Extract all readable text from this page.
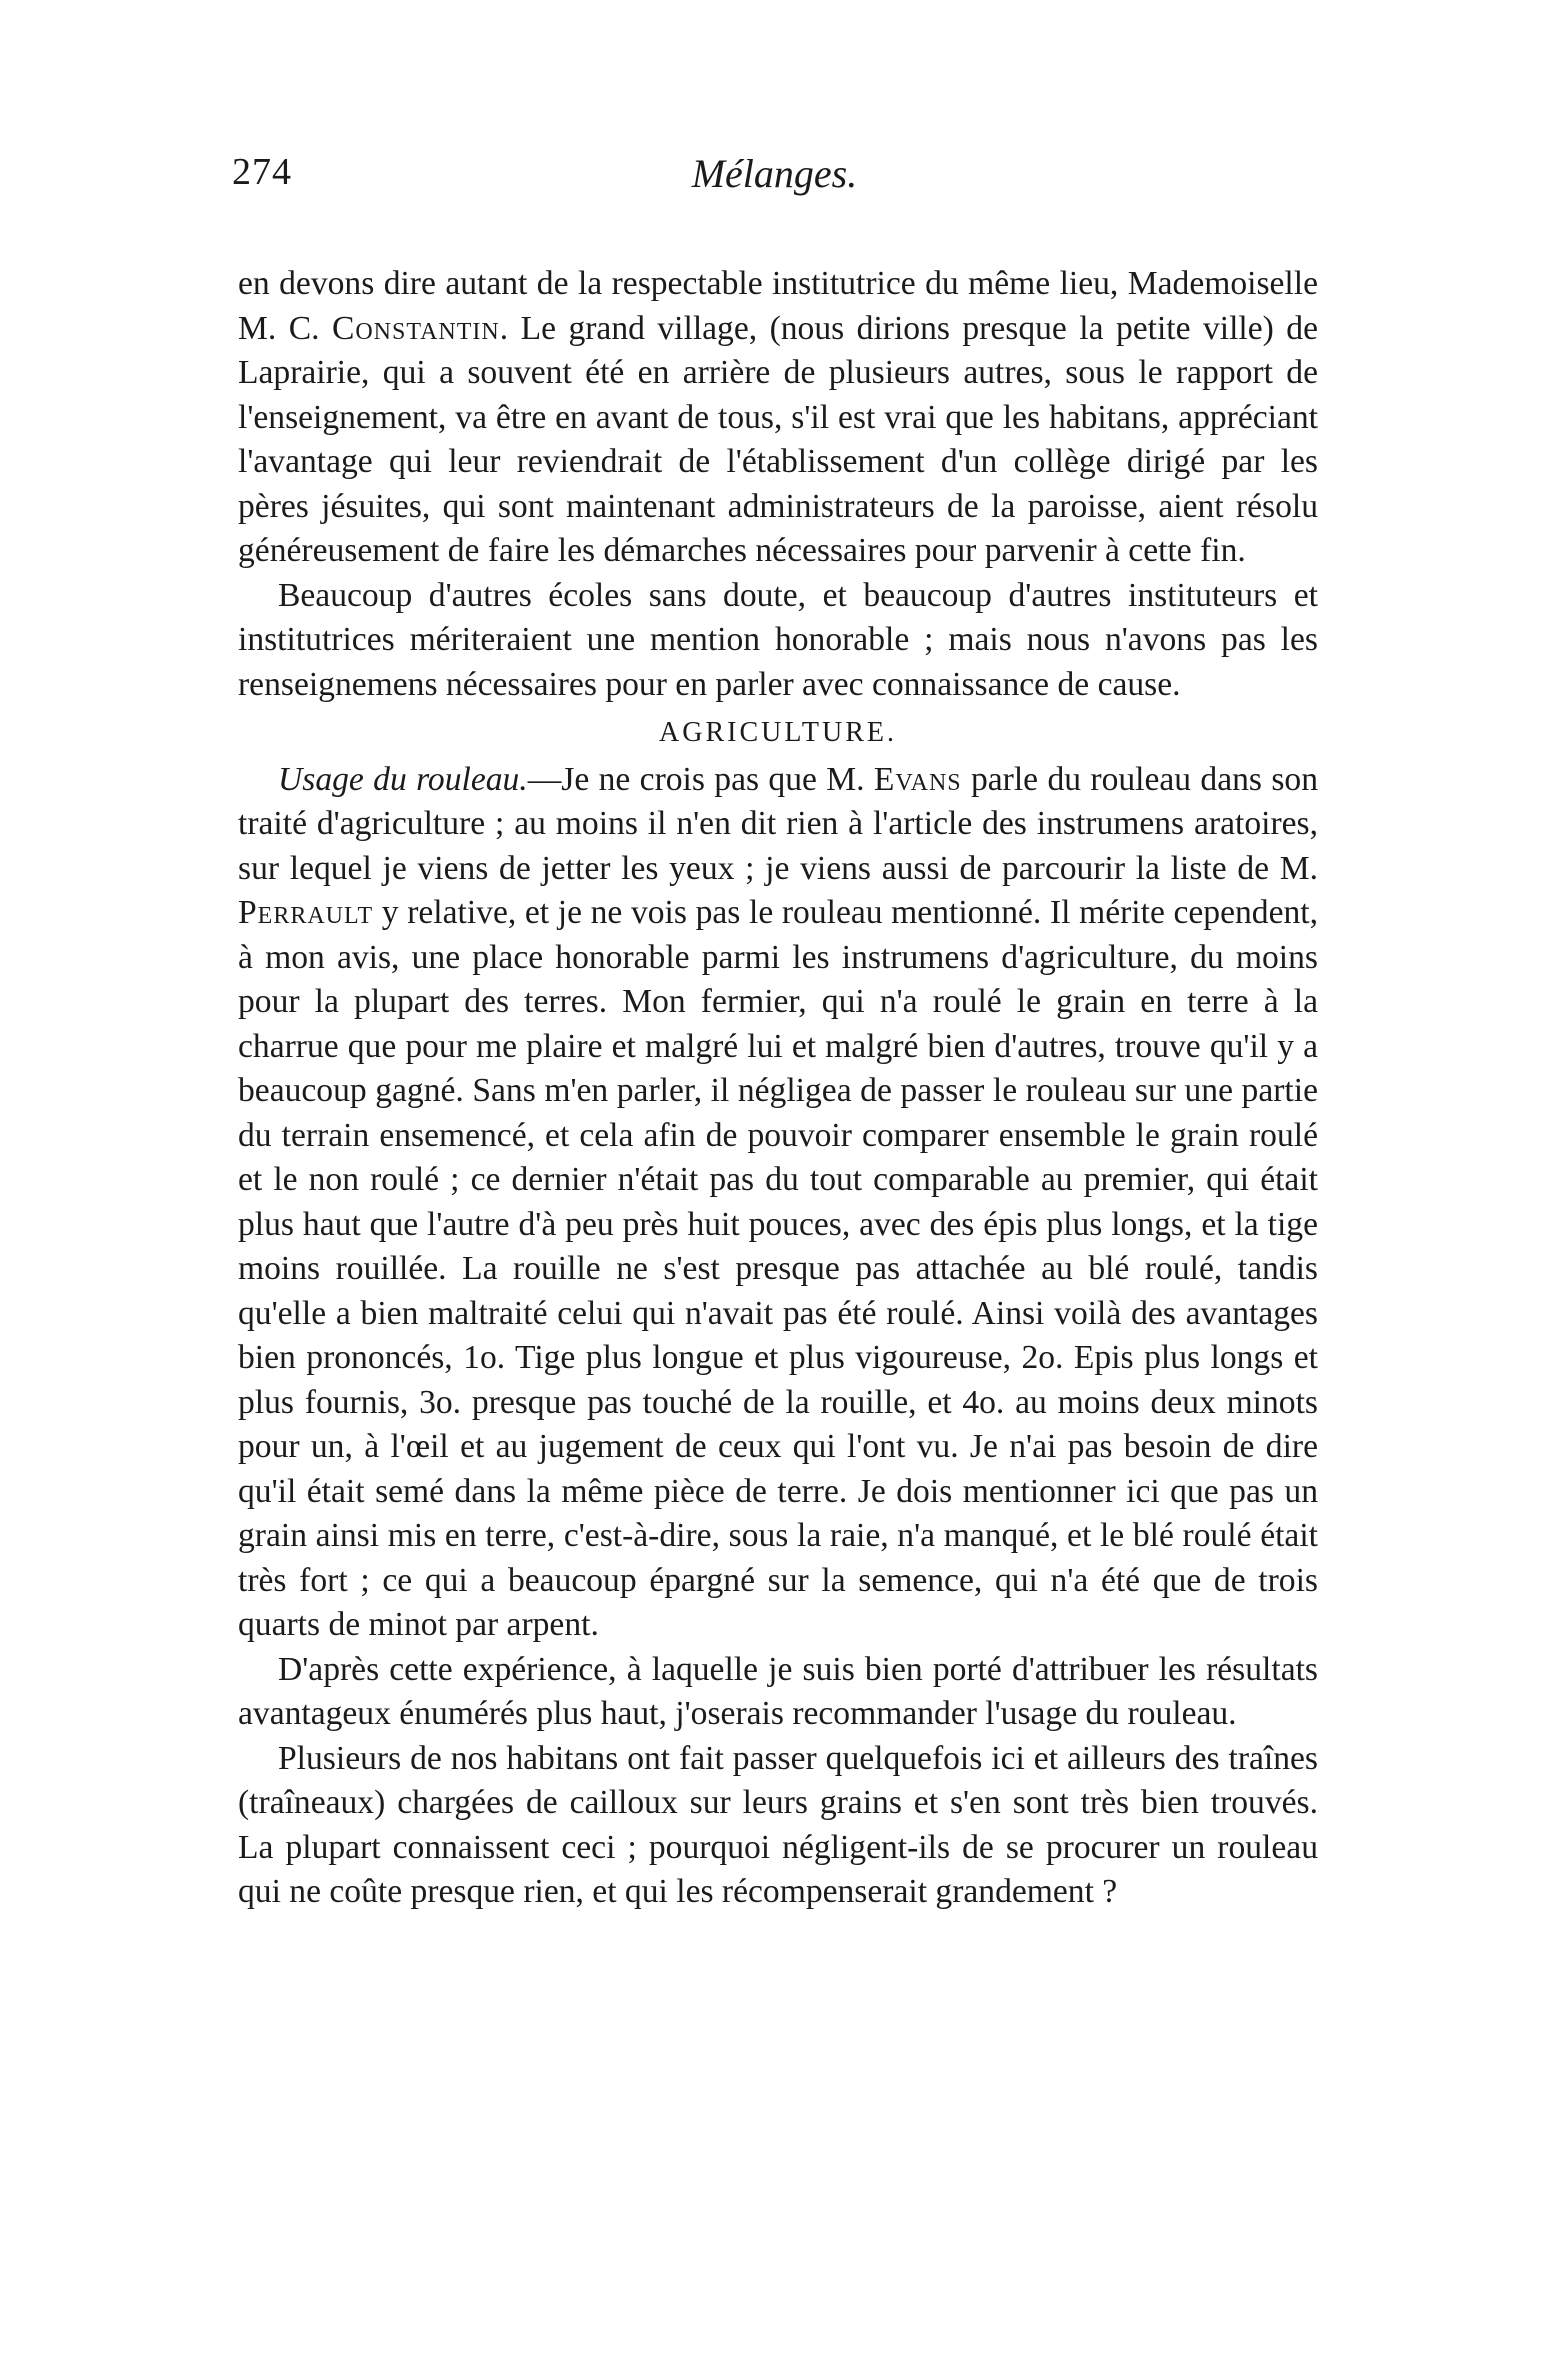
274	Mélanges.

en devons dire autant de la respectable institutrice du même lieu, Mademoiselle M. C. Constantin. Le grand village, (nous dirions presque la petite ville) de Laprairie, qui a souvent été en arrière de plusieurs autres, sous le rapport de l'enseignement, va être en avant de tous, s'il est vrai que les habitans, appréciant l'avantage qui leur reviendrait de l'établissement d'un collège dirigé par les pères jésuites, qui sont maintenant administrateurs de la paroisse, aient résolu généreusement de faire les démarches nécessaires pour parvenir à cette fin.

Beaucoup d'autres écoles sans doute, et beaucoup d'autres instituteurs et institutrices mériteraient une mention honorable ; mais nous n'avons pas les renseignemens nécessaires pour en parler avec connaissance de cause.

AGRICULTURE.

Usage du rouleau.—Je ne crois pas que M. Evans parle du rouleau dans son traité d'agriculture ; au moins il n'en dit rien à l'article des instrumens aratoires, sur lequel je viens de jetter les yeux ; je viens aussi de parcourir la liste de M. Perrault y relative, et je ne vois pas le rouleau mentionné. Il mérite cependent, à mon avis, une place honorable parmi les instrumens d'agriculture, du moins pour la plupart des terres. Mon fermier, qui n'a roulé le grain en terre à la charrue que pour me plaire et malgré lui et malgré bien d'autres, trouve qu'il y a beaucoup gagné. Sans m'en parler, il négligea de passer le rouleau sur une partie du terrain ensemencé, et cela afin de pouvoir comparer ensemble le grain roulé et le non roulé ; ce dernier n'était pas du tout comparable au premier, qui était plus haut que l'autre d'à peu près huit pouces, avec des épis plus longs, et la tige moins rouillée. La rouille ne s'est presque pas attachée au blé roulé, tandis qu'elle a bien maltraité celui qui n'avait pas été roulé. Ainsi voilà des avantages bien prononcés, 1o. Tige plus longue et plus vigoureuse, 2o. Epis plus longs et plus fournis, 3o. presque pas touché de la rouille, et 4o. au moins deux minots pour un, à l'œil et au jugement de ceux qui l'ont vu. Je n'ai pas besoin de dire qu'il était semé dans la même pièce de terre. Je dois mentionner ici que pas un grain ainsi mis en terre, c'est-à-dire, sous la raie, n'a manqué, et le blé roulé était très fort ; ce qui a beaucoup épargné sur la semence, qui n'a été que de trois quarts de minot par arpent.

D'après cette expérience, à laquelle je suis bien porté d'attribuer les résultats avantageux énumérés plus haut, j'oserais recommander l'usage du rouleau.

Plusieurs de nos habitans ont fait passer quelquefois ici et ailleurs des traînes (traîneaux) chargées de cailloux sur leurs grains et s'en sont très bien trouvés. La plupart connaissent ceci ; pourquoi négligent-ils de se procurer un rouleau qui ne coûte presque rien, et qui les récompenserait grandement ?
